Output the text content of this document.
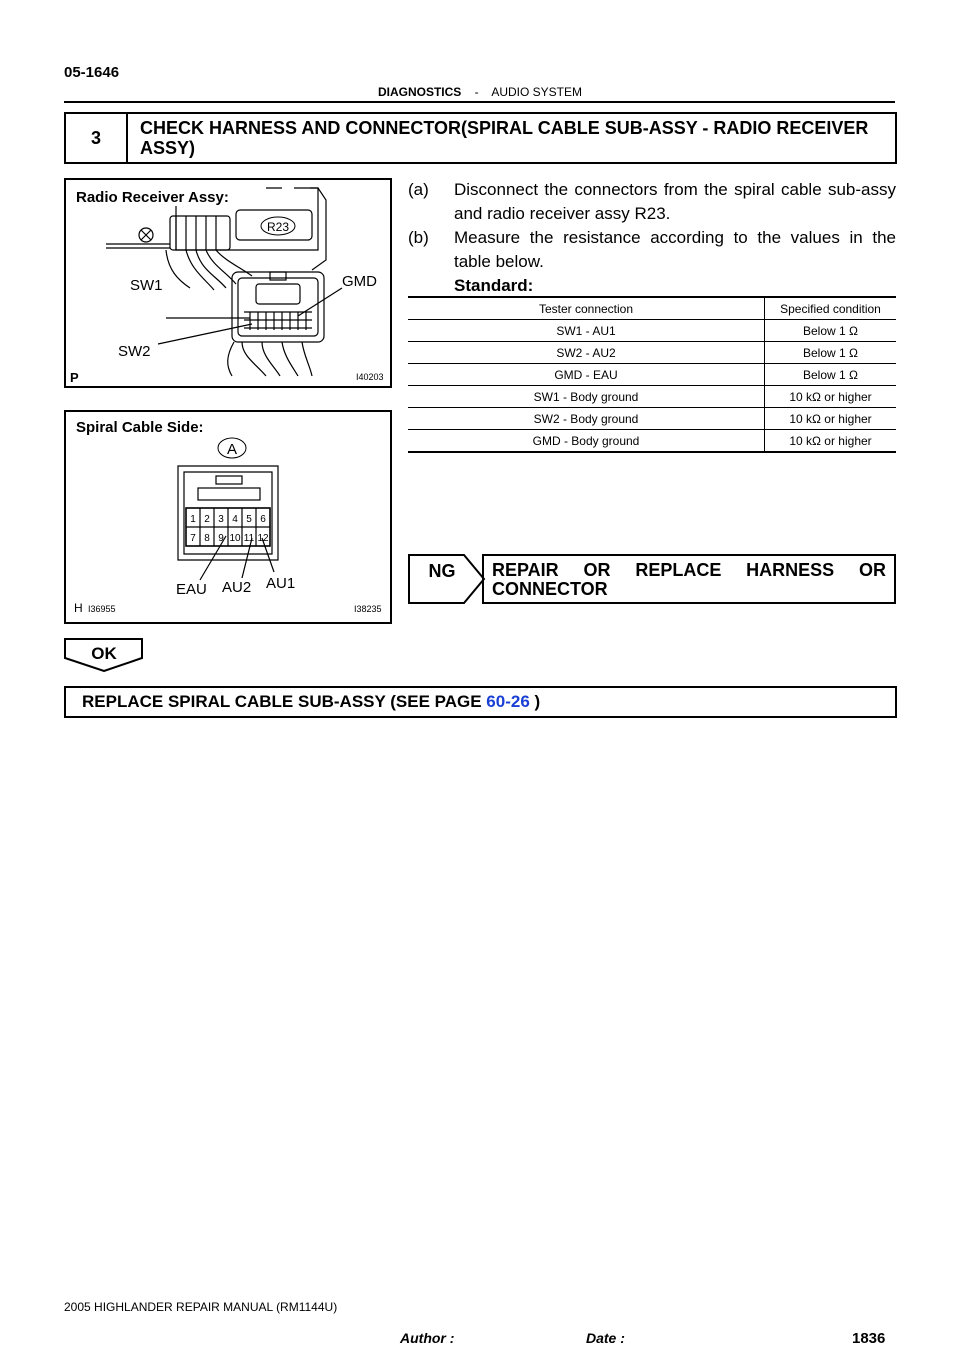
05-1646
DIAGNOSTICS - AUDIO SYSTEM
3	CHECK HARNESS AND CONNECTOR(SPIRAL CABLE SUB-ASSY - RADIO RECEIVER ASSY)
Radio Receiver Assy:
R23
SW1	GMD
SW2
P	I40203
Spiral Cable Side:
A
1 2 3 4 5 6
7 8 9 10 11 12
EAU AU2 AU1
H I36955	I38235
(a) Disconnect the connectors from the spiral cable sub-assy and radio receiver assy R23.
(b) Measure the resistance according to the values in the table below.
Standard:
Tester connection	Specified condition
SW1 - AU1	Below 1 Ω
SW2 - AU2	Below 1 Ω
GMD - EAU	Below 1 Ω
SW1 - Body ground	10 kΩ or higher
SW2 - Body ground	10 kΩ or higher
GMD - Body ground	10 kΩ or higher
NG REPAIR OR REPLACE HARNESS OR CONNECTOR
OK
REPLACE SPIRAL CABLE SUB-ASSY (SEE PAGE 60-26 )
2005 HIGHLANDER REPAIR MANUAL (RM1144U)
Author :	Date :	1836
